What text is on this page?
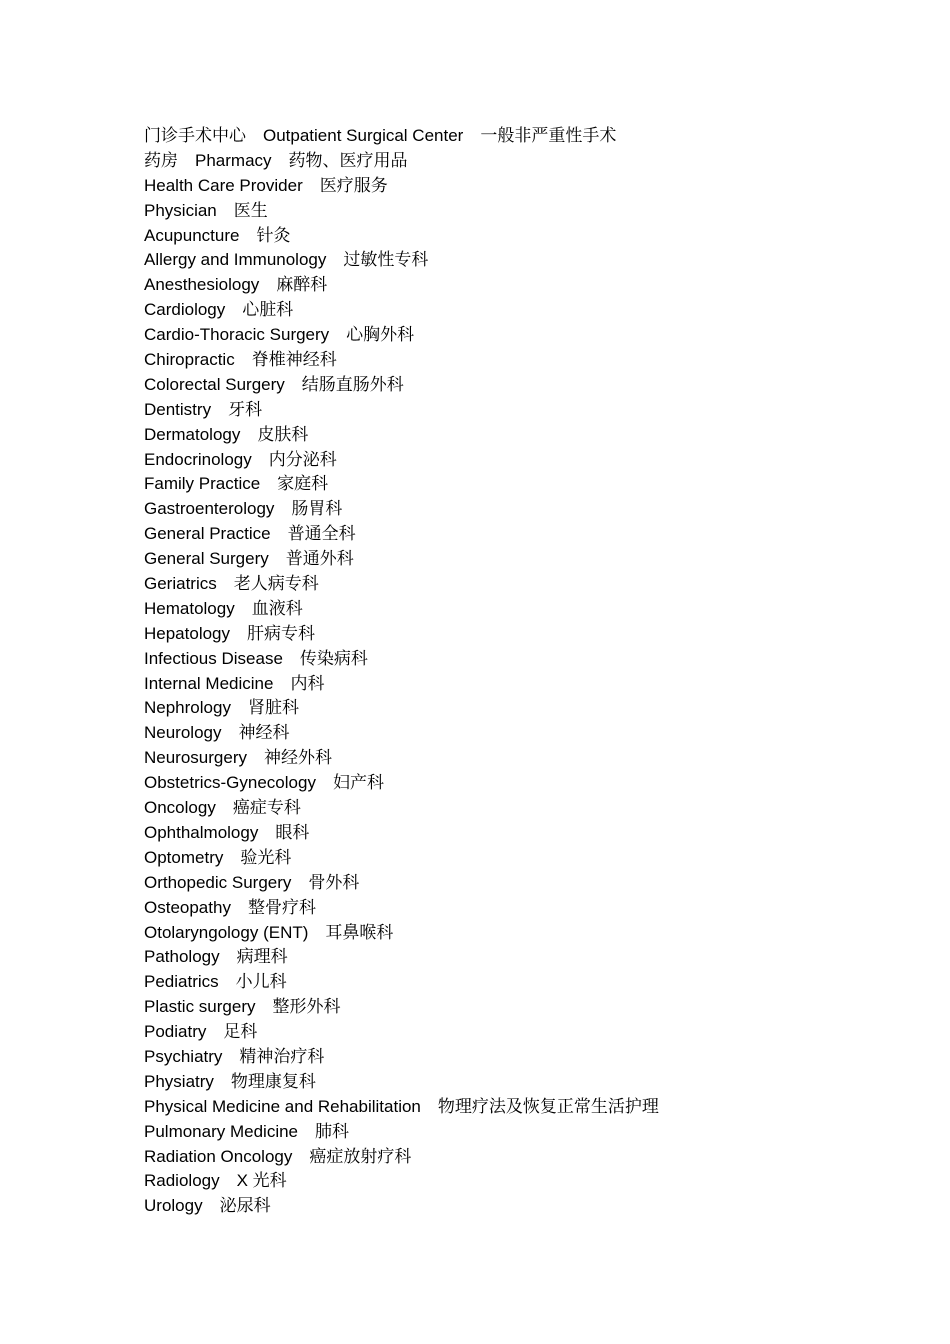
门诊手术中心　Outpatient Surgical Center　一般非严重性手术
药房　Pharmacy　药物、医疗用品
Health Care Provider　医疗服务
Physician　医生
Acupuncture　针灸
Allergy and Immunology　过敏性专科
Anesthesiology　麻醉科
Cardiology　心脏科
Cardio-Thoracic Surgery　心胸外科
Chiropractic　脊椎神经科
Colorectal Surgery　结肠直肠外科
Dentistry　牙科
Dermatology　皮肤科
Endocrinology　内分泌科
Family Practice　家庭科
Gastroenterology　肠胃科
General Practice　普通全科
General Surgery　普通外科
Geriatrics　老人病专科
Hematology　血液科
Hepatology　肝病专科
Infectious Disease　传染病科
Internal Medicine　内科
Nephrology　肾脏科
Neurology　神经科
Neurosurgery　神经外科
Obstetrics-Gynecology　妇产科
Oncology　癌症专科
Ophthalmology　眼科
Optometry　验光科
Orthopedic Surgery　骨外科
Osteopathy　整骨疗科
Otolaryngology (ENT)　耳鼻喉科
Pathology　病理科
Pediatrics　小儿科
Plastic surgery　整形外科
Podiatry　足科
Psychiatry　精神治疗科
Physiatry　物理康复科
Physical Medicine and Rehabilitation　物理疗法及恢复正常生活护理
Pulmonary Medicine　肺科
Radiation Oncology　癌症放射疗科
Radiology　X 光科
Urology　泌尿科
